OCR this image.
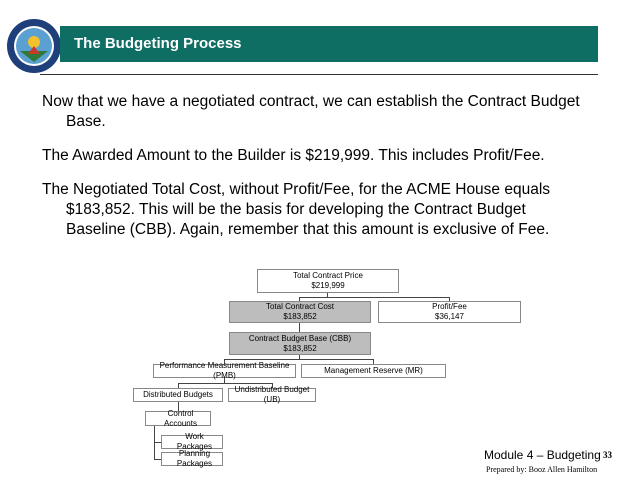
The Budgeting Process
Now that we have a negotiated contract, we can establish the Contract Budget
Base.
The Awarded Amount to the Builder is $219,999. This includes Profit/Fee.
The Negotiated Total Cost, without Profit/Fee, for the ACME House equals
$183,852. This will be the basis for developing the Contract Budget
Baseline (CBB). Again, remember that this amount is exclusive of Fee.
Total Contract Price
$219,999
Total Contract Cost
$183,852
Profit/Fee
$36,147
Contract Budget Base (CBB)
$183,852
Performance Measurement Baseline (PMB)
Management Reserve (MR)
Distributed Budgets
Undistributed Budget (UB)
Control Accounts
Work Packages
Planning Packages
Module 4 – Budgeting 33
Prepared by: Booz Allen Hamilton
